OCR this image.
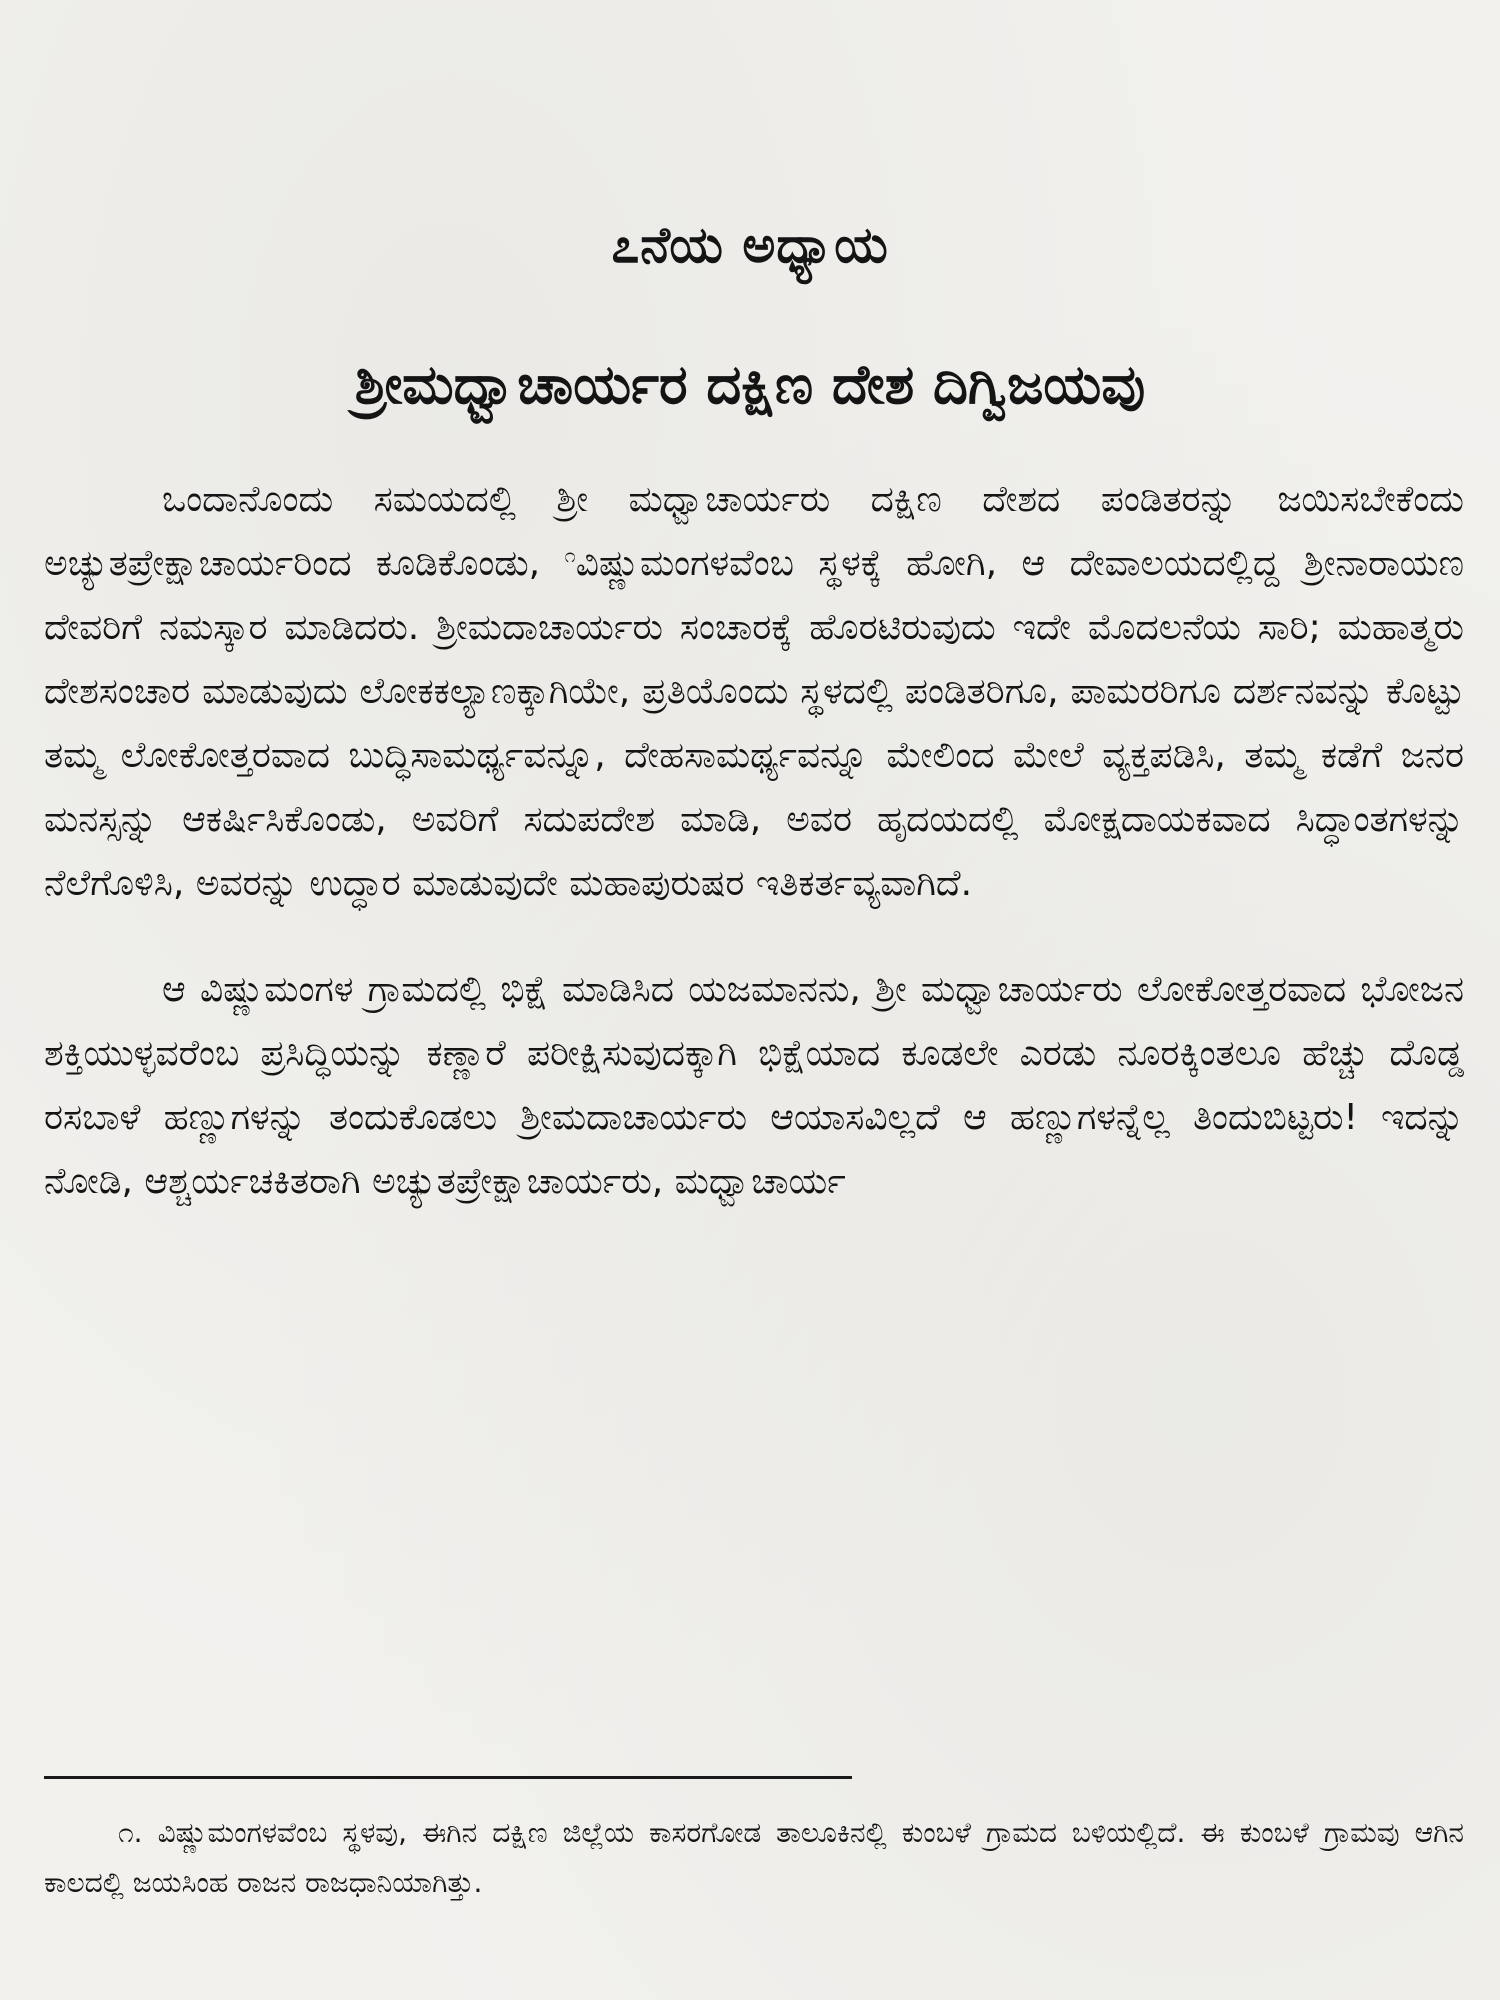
೭ನೆಯ ಅಧ್ಯಾಯ
ಶ್ರೀಮಧ್ವಾಚಾರ್ಯರ ದಕ್ಷಿಣ ದೇಶ ದಿಗ್ವಿಜಯವು

ಒಂದಾನೊಂದು ಸಮಯದಲ್ಲಿ ಶ್ರೀ ಮಧ್ವಾಚಾರ್ಯರು ದಕ್ಷಿಣ ದೇಶದ ಪಂಡಿತರನ್ನು ಜಯಿಸಬೇಕೆಂದು ಅಚ್ಯುತಪ್ರೇಕ್ಷಾಚಾರ್ಯರಿಂದ ಕೂಡಿಕೊಂಡು, $^೧$ವಿಷ್ಣುಮಂಗಳವೆಂಬ ಸ್ಥಳಕ್ಕೆ ಹೋಗಿ, ಆ ದೇವಾಲಯದಲ್ಲಿದ್ದ ಶ್ರೀನಾರಾಯಣ ದೇವರಿಗೆ ನಮಸ್ಕಾರ ಮಾಡಿದರು. ಶ್ರೀಮದಾಚಾರ್ಯರು ಸಂಚಾರಕ್ಕೆ ಹೊರಟಿರುವುದು ಇದೇ ಮೊದಲನೆಯ ಸಾರಿ; ಮಹಾತ್ಮರು ದೇಶಸಂಚಾರ ಮಾಡುವುದು ಲೋಕಕಲ್ಯಾಣಕ್ಕಾಗಿಯೇ, ಪ್ರತಿಯೊಂದು ಸ್ಥಳದಲ್ಲಿ ಪಂಡಿತರಿಗೂ, ಪಾಮರರಿಗೂ ದರ್ಶನವನ್ನು ಕೊಟ್ಟು ತಮ್ಮ ಲೋಕೋತ್ತರವಾದ ಬುದ್ಧಿಸಾಮರ್ಥ್ಯವನ್ನೂ, ದೇಹಸಾಮರ್ಥ್ಯವನ್ನೂ ಮೇಲಿಂದ ಮೇಲೆ ವ್ಯಕ್ತಪಡಿಸಿ, ತಮ್ಮ ಕಡೆಗೆ ಜನರ ಮನಸ್ಸನ್ನು ಆಕರ್ಷಿಸಿಕೊಂಡು, ಅವರಿಗೆ ಸದುಪದೇಶ ಮಾಡಿ, ಅವರ ಹೃದಯದಲ್ಲಿ ಮೋಕ್ಷದಾಯಕವಾದ ಸಿದ್ಧಾಂತಗಳನ್ನು ನೆಲೆಗೊಳಿಸಿ, ಅವರನ್ನು ಉದ್ಧಾರ ಮಾಡುವುದೇ ಮಹಾಪುರುಷರ ಇತಿಕರ್ತವ್ಯವಾಗಿದೆ.

ಆ ವಿಷ್ಣುಮಂಗಳ ಗ್ರಾಮದಲ್ಲಿ ಭಿಕ್ಷೆ ಮಾಡಿಸಿದ ಯಜಮಾನನು, ಶ್ರೀ ಮಧ್ವಾಚಾರ್ಯರು ಲೋಕೋತ್ತರವಾದ ಭೋಜನ ಶಕ್ತಿಯುಳ್ಳವರೆಂಬ ಪ್ರಸಿದ್ಧಿಯನ್ನು ಕಣ್ಣಾರೆ ಪರೀಕ್ಷಿಸುವುದಕ್ಕಾಗಿ ಭಿಕ್ಷೆಯಾದ ಕೂಡಲೇ ಎರಡು ನೂರಕ್ಕಿಂತಲೂ ಹೆಚ್ಚು ದೊಡ್ಡ ರಸಬಾಳೆ ಹಣ್ಣುಗಳನ್ನು ತಂದುಕೊಡಲು ಶ್ರೀಮದಾಚಾರ್ಯರು ಆಯಾಸವಿಲ್ಲದೆ ಆ ಹಣ್ಣುಗಳನ್ನೆಲ್ಲ ತಿಂದುಬಿಟ್ಟರು! ಇದನ್ನು ನೋಡಿ, ಆಶ್ಚರ್ಯಚಕಿತರಾಗಿ ಅಚ್ಯುತಪ್ರೇಕ್ಷಾಚಾರ್ಯರು, ಮಧ್ವಾಚಾರ್ಯ

೧. ವಿಷ್ಣುಮಂಗಳವೆಂಬ ಸ್ಥಳವು, ಈಗಿನ ದಕ್ಷಿಣ ಜಿಲ್ಲೆಯ ಕಾಸರಗೋಡ ತಾಲೂಕಿನಲ್ಲಿ ಕುಂಬಳೆ ಗ್ರಾಮದ ಬಳಿಯಲ್ಲಿದೆ. ಈ ಕುಂಬಳೆ ಗ್ರಾಮವು ಆಗಿನ ಕಾಲದಲ್ಲಿ ಜಯಸಿಂಹ ರಾಜನ ರಾಜಧಾನಿಯಾಗಿತ್ತು.
